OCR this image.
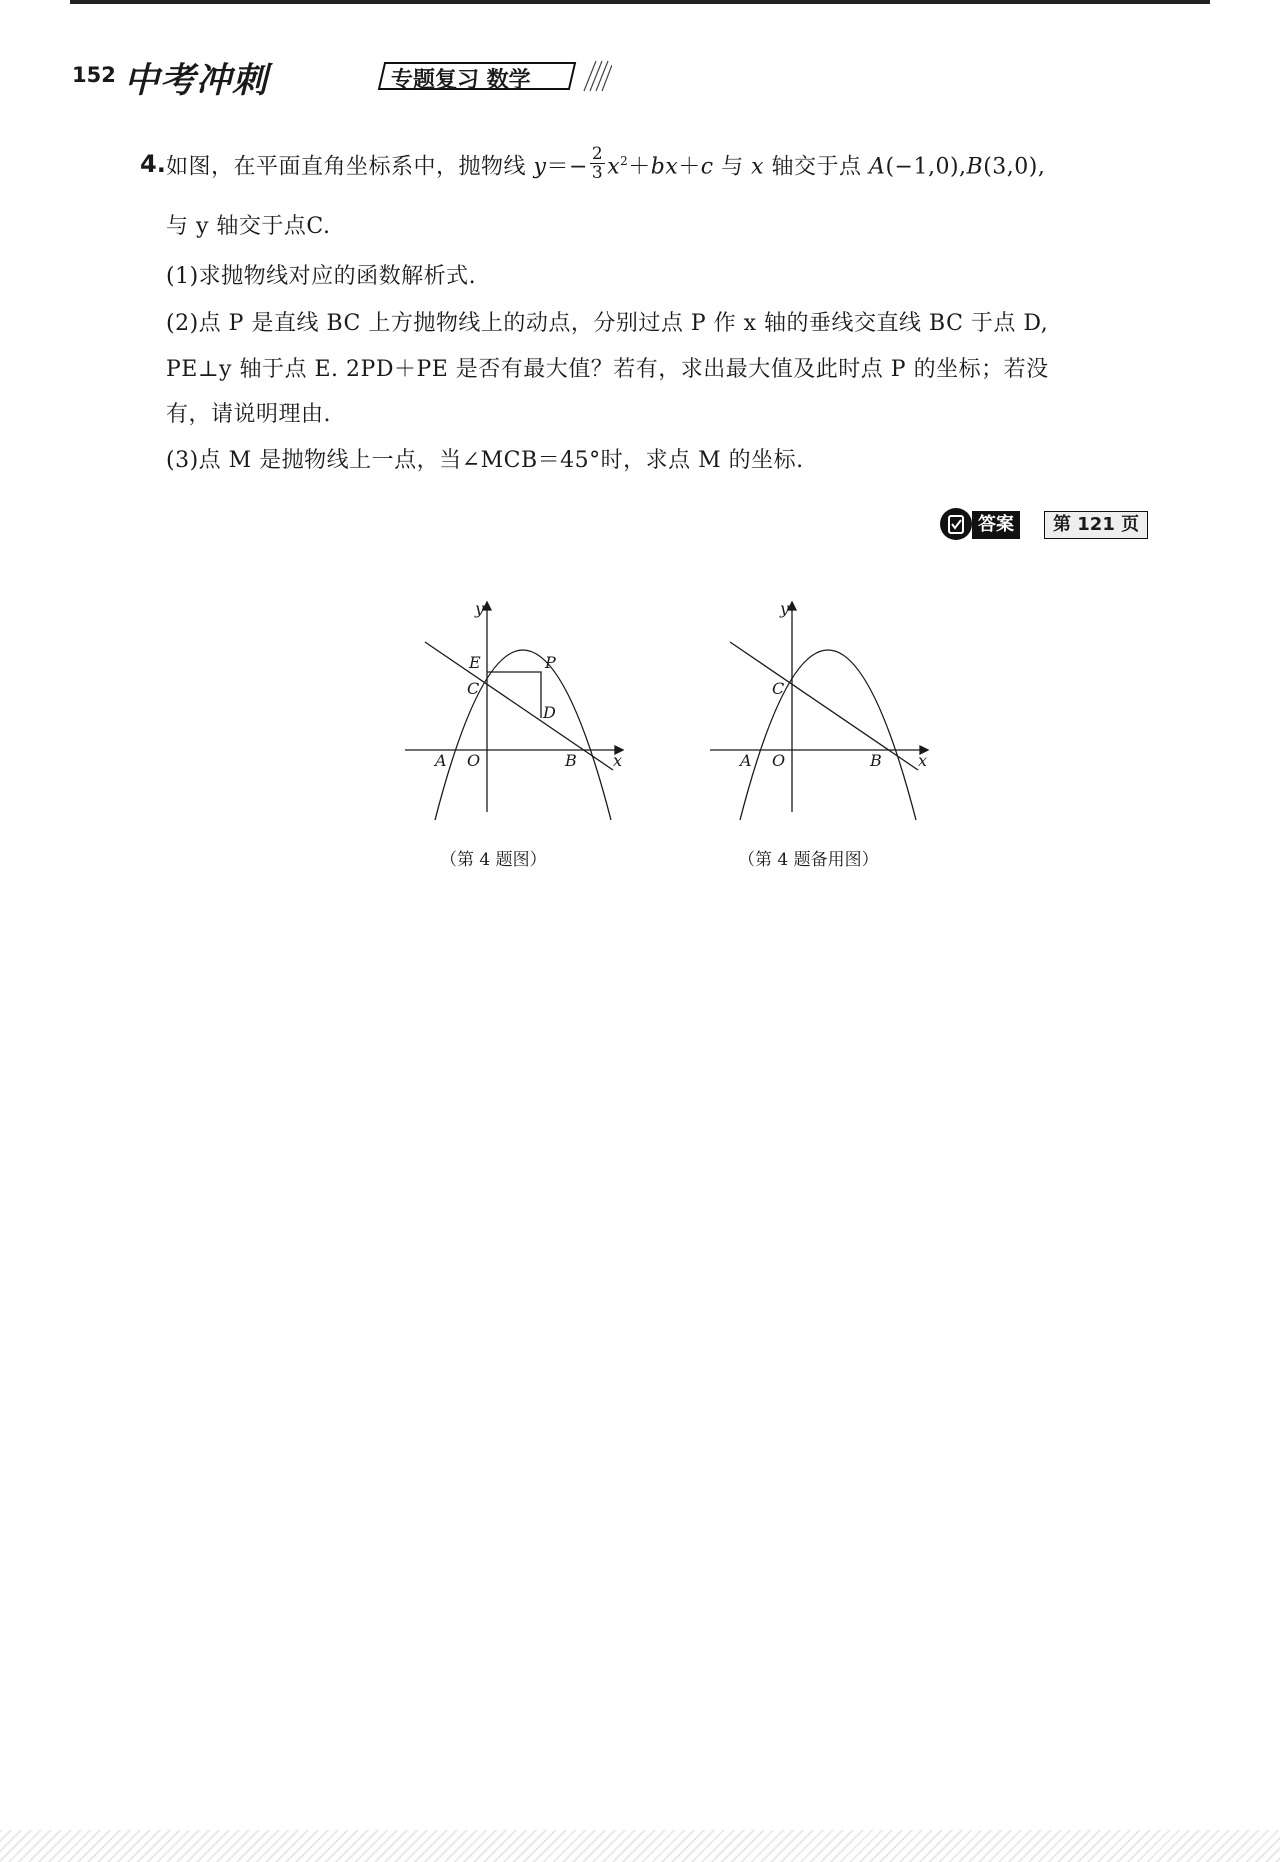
152 中考冲刺	专题复习 数学
4. 如图，在平面直角坐标系中，抛物线 $y=- \frac{2}{3} x^2+bx+c$ 与 x 轴交于点 A(−1,0),B(3,0),
与 y 轴交于点C.
(1)求抛物线对应的函数解析式.
(2)点 P 是直线 BC 上方抛物线上的动点，分别过点 P 作 x 轴的垂线交直线 BC 于点 D,
PE⊥y 轴于点 E. 2PD＋PE 是否有最大值？若有，求出最大值及此时点 P 的坐标；若没
有，请说明理由.
(3)点 M 是抛物线上一点，当∠MCB＝45°时，求点 M 的坐标.
答案	第 121 页
y
x
E	P
C
D
A O	B
（第 4 题图）
y
x
C
A O	B
（第 4 题备用图）
